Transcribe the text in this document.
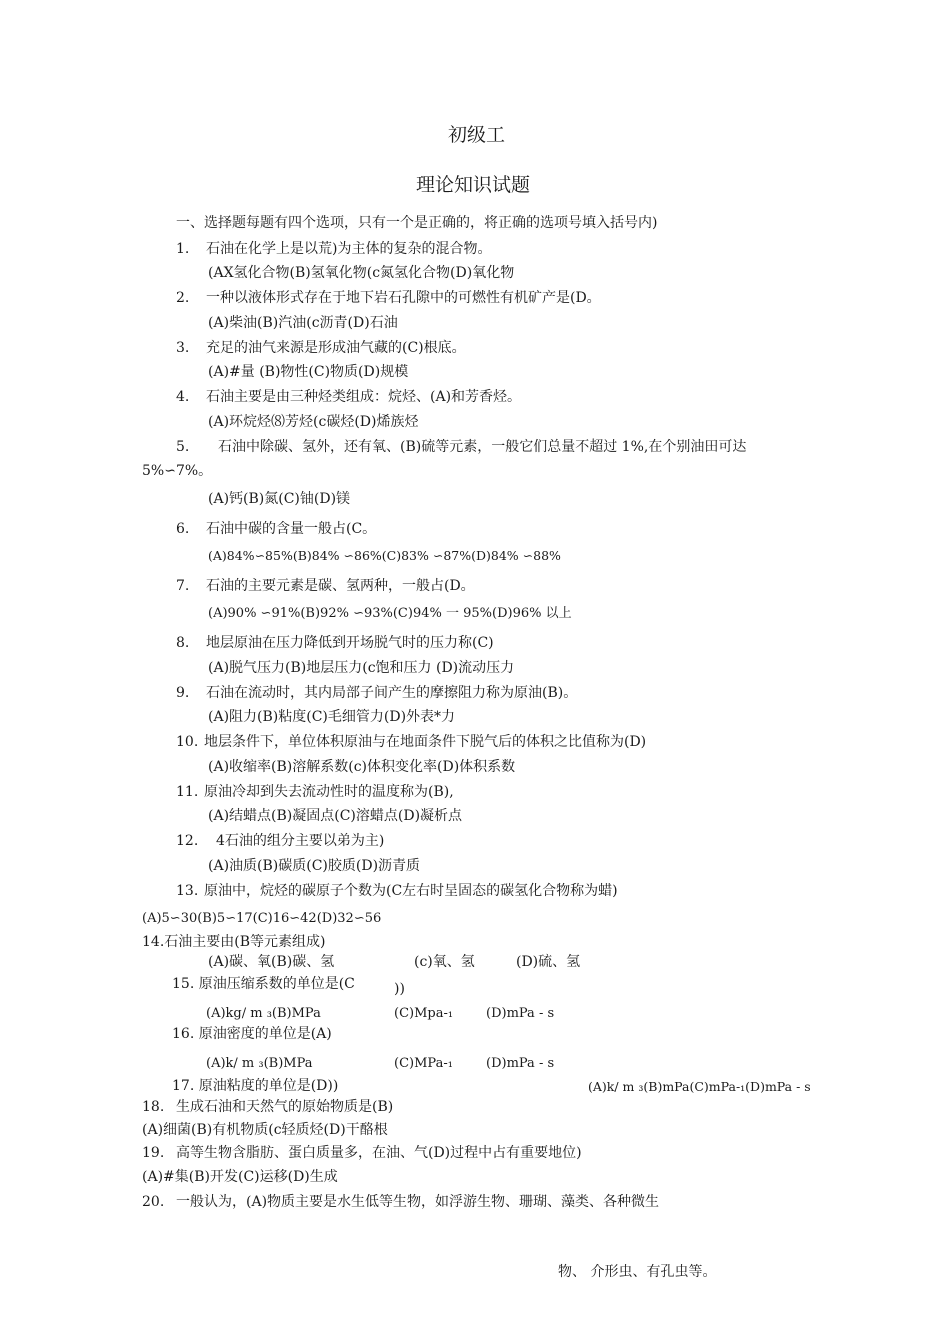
初级工
理论知识试题
一、选择题每题有四个选项，只有一个是正确的，将正确的选项号填入括号内)
1. 石油在化学上是以荒)为主体的复杂的混合物。
(AX氢化合物(B)氢氧化物(c氮氢化合物(D)氧化物
2. 一种以液体形式存在于地下岩石孔隙中的可燃性有机矿产是(D。
(A)柴油(B)汽油(c沥青(D)石油
3. 充足的油气来源是形成油气藏的(C)根底。
(A)#量 (B)物性(C)物质(D)规模
4. 石油主要是由三种烃类组成：烷烃、(A)和芳香烃。
(A)环烷烃⑻芳烃(c碳烃(D)烯族烃
5. 石油中除碳、氢外，还有氧、(B)硫等元素，一般它们总量不超过 1%,在个别油田可达
5%∽7%。
(A)钙(B)氮(C)铀(D)镁
6. 石油中碳的含量一般占(C。
(A)84%∽85%(B)84% ∽86%(C)83% ∽87%(D)84% ∽88%
7. 石油的主要元素是碳、氢两种，一般占(D。
(A)90% ∽91%(B)92% ∽93%(C)94% 一 95%(D)96% 以上
8. 地层原油在压力降低到开场脱气时的压力称(C)
(A)脱气压力(B)地层压力(c饱和压力 (D)流动压力
9. 石油在流动时，其内局部子间产生的摩擦阻力称为原油(B)。
(A)阻力(B)粘度(C)毛细管力(D)外表*力
10. 地层条件下，单位体积原油与在地面条件下脱气后的体积之比值称为(D)
(A)收缩率(B)溶解系数(c)体积变化率(D)体积系数
11. 原油冷却到失去流动性时的温度称为(B),
(A)结蜡点(B)凝固点(C)溶蜡点(D)凝析点
12. 4石油的组分主要以弟为主)
(A)油质(B)碳质(C)胶质(D)沥青质
13. 原油中，烷烃的碳原子个数为(C左右时呈固态的碳氢化合物称为蜡)
(A)5∽30(B)5∽17(C)16∽42(D)32∽56
14.石油主要由(B等元素组成)
(A)碳、氧(B)碳、氢	(c)氧、氢	(D)硫、氢
15. 原油压缩系数的单位是(C	))
(A)kg/ m ₃(B)MPa	(C)Mpa-₁	(D)mPa - s
16. 原油密度的单位是(A)
(A)k/ m ₃(B)MPa	(C)MPa-₁	(D)mPa - s
17. 原油粘度的单位是(D))	(A)k/ m ₃(B)mPa(C)mPa-₁(D)mPa - s
18. 生成石油和天然气的原始物质是(B)
(A)细菌(B)有机物质(c轻质烃(D)干酪根
19. 高等生物含脂肪、蛋白质量多，在油、气(D)过程中占有重要地位)
(A)#集(B)开发(C)运移(D)生成
20. 一般认为，(A)物质主要是水生低等生物，如浮游生物、珊瑚、藻类、各种微生
物、 介形虫、有孔虫等。
